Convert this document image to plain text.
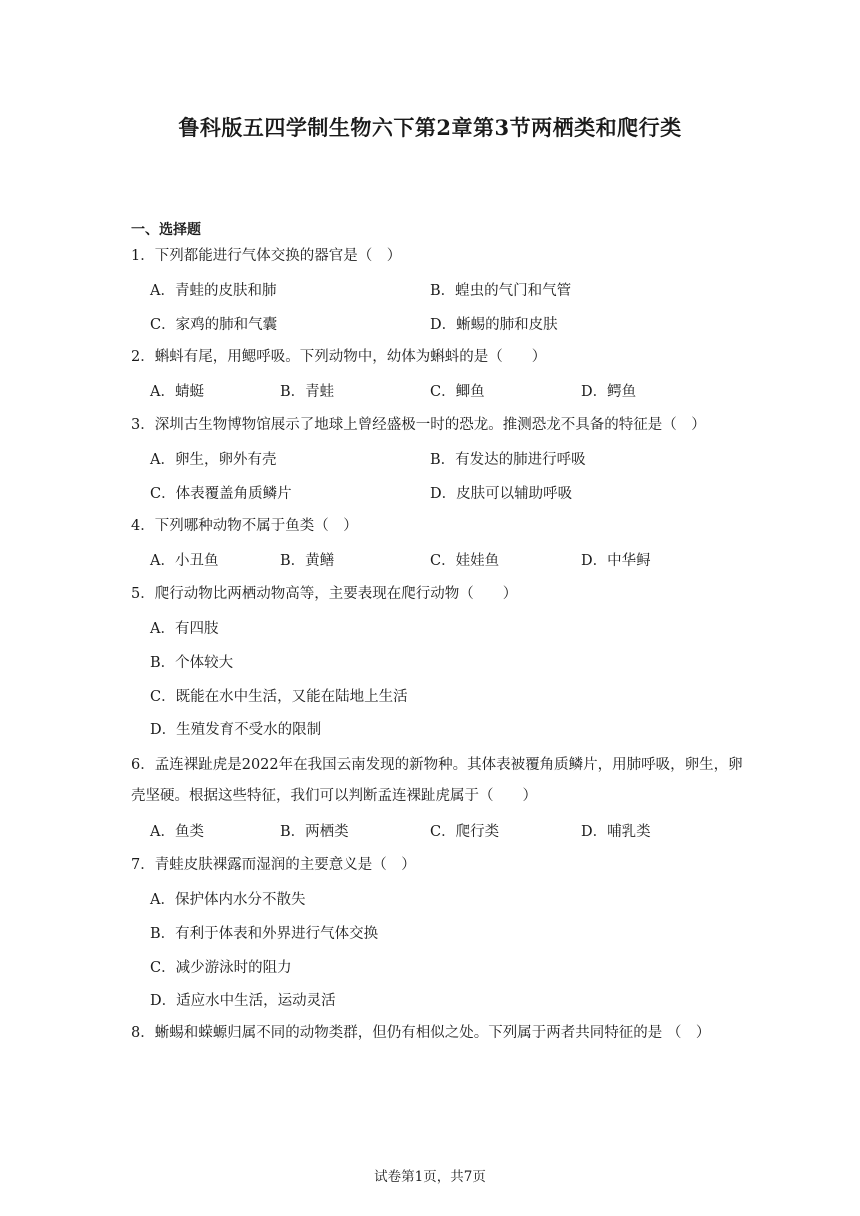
鲁科版五四学制生物六下第2章第3节两栖类和爬行类
一、选择题
1．下列都能进行气体交换的器官是（　）
A．青蛙的皮肤和肺	B．蝗虫的气门和气管
C．家鸡的肺和气囊	D．蜥蜴的肺和皮肤
2．蝌蚪有尾，用鳃呼吸。下列动物中，幼体为蝌蚪的是（　　）
A．蜻蜓	B．青蛙	C．鲫鱼	D．鳄鱼
3．深圳古生物博物馆展示了地球上曾经盛极一时的恐龙。推测恐龙不具备的特征是（　）
A．卵生，卵外有壳	B．有发达的肺进行呼吸
C．体表覆盖角质鳞片	D．皮肤可以辅助呼吸
4．下列哪种动物不属于鱼类（　）
A．小丑鱼	B．黄鳝	C．娃娃鱼	D．中华鲟
5．爬行动物比两栖动物高等，主要表现在爬行动物（　　）
A．有四肢
B．个体较大
C．既能在水中生活，又能在陆地上生活
D．生殖发育不受水的限制
6．孟连裸趾虎是2022年在我国云南发现的新物种。其体表被覆角质鳞片，用肺呼吸，卵生，卵壳坚硬。根据这些特征，我们可以判断孟连裸趾虎属于（　　）
A．鱼类	B．两栖类	C．爬行类	D．哺乳类
7．青蛙皮肤裸露而湿润的主要意义是（　）
A．保护体内水分不散失
B．有利于体表和外界进行气体交换
C．减少游泳时的阻力
D．适应水中生活，运动灵活
8．蜥蜴和蝾螈归属不同的动物类群，但仍有相似之处。下列属于两者共同特征的是 （　）
试卷第1页，共7页
